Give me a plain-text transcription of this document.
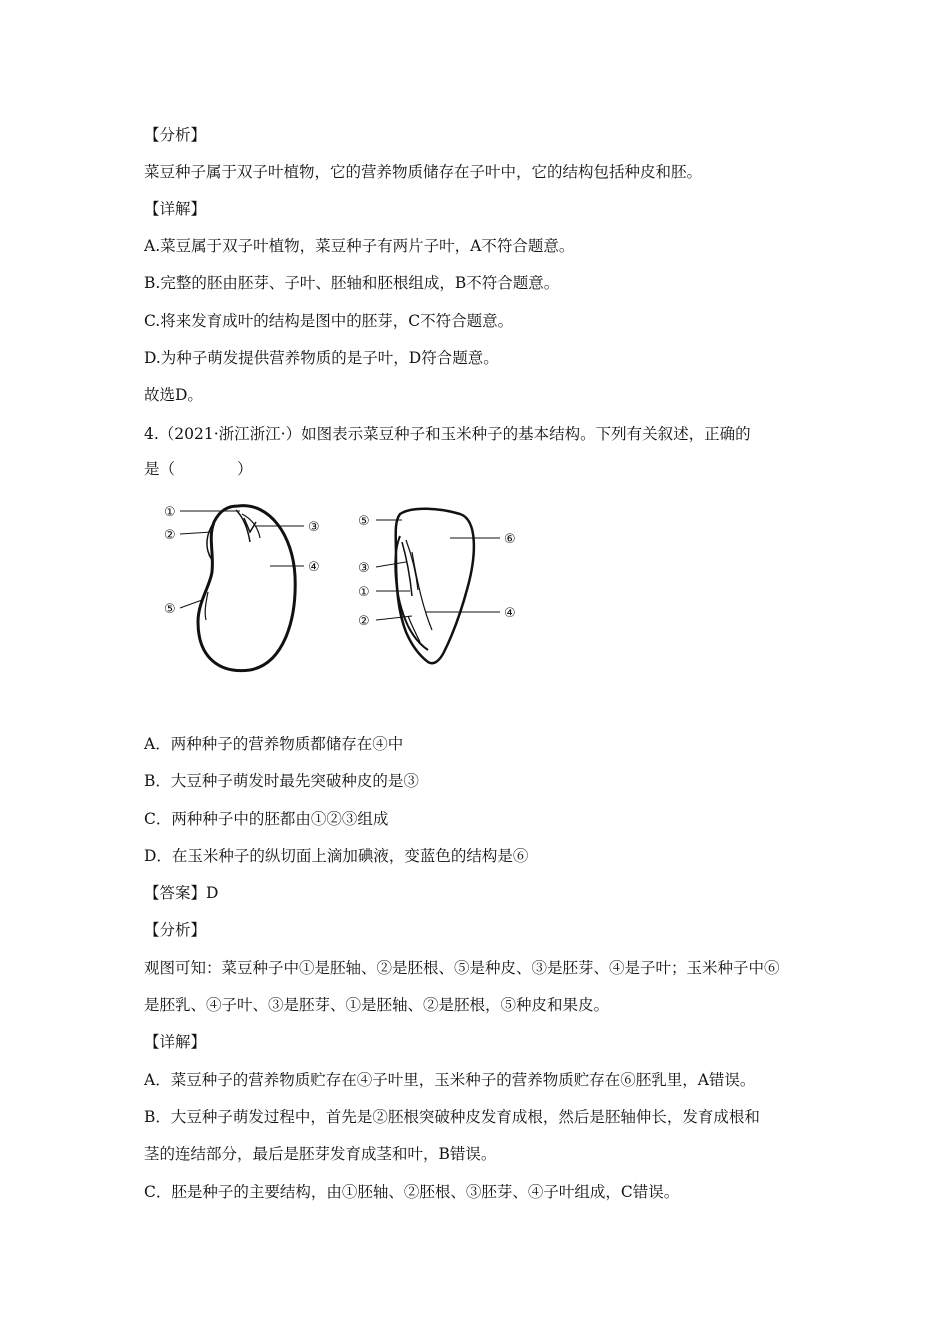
【分析】
菜豆种子属于双子叶植物，它的营养物质储存在子叶中，它的结构包括种皮和胚。
【详解】
A.菜豆属于双子叶植物，菜豆种子有两片子叶，A不符合题意。
B.完整的胚由胚芽、子叶、胚轴和胚根组成，B不符合题意。
C.将来发育成叶的结构是图中的胚芽，C不符合题意。
D.为种子萌发提供营养物质的是子叶，D符合题意。
故选D。
4.（2021·浙江浙江·）如图表示菜豆种子和玉米种子的基本结构。下列有关叙述，正确的
是（　　　　）
①
②
③
④
⑤
⑤
⑥
③
①
④
②
A．两种种子的营养物质都储存在④中
B．大豆种子萌发时最先突破种皮的是③
C．两种种子中的胚都由①②③组成
D．在玉米种子的纵切面上滴加碘液，变蓝色的结构是⑥
【答案】D
【分析】
观图可知：菜豆种子中①是胚轴、②是胚根、⑤是种皮、③是胚芽、④是子叶；玉米种子中⑥
是胚乳、④子叶、③是胚芽、①是胚轴、②是胚根，⑤种皮和果皮。
【详解】
A．菜豆种子的营养物质贮存在④子叶里，玉米种子的营养物质贮存在⑥胚乳里，A错误。
B．大豆种子萌发过程中，首先是②胚根突破种皮发育成根，然后是胚轴伸长，发育成根和
茎的连结部分，最后是胚芽发育成茎和叶，B错误。
C．胚是种子的主要结构，由①胚轴、②胚根、③胚芽、④子叶组成，C错误。
